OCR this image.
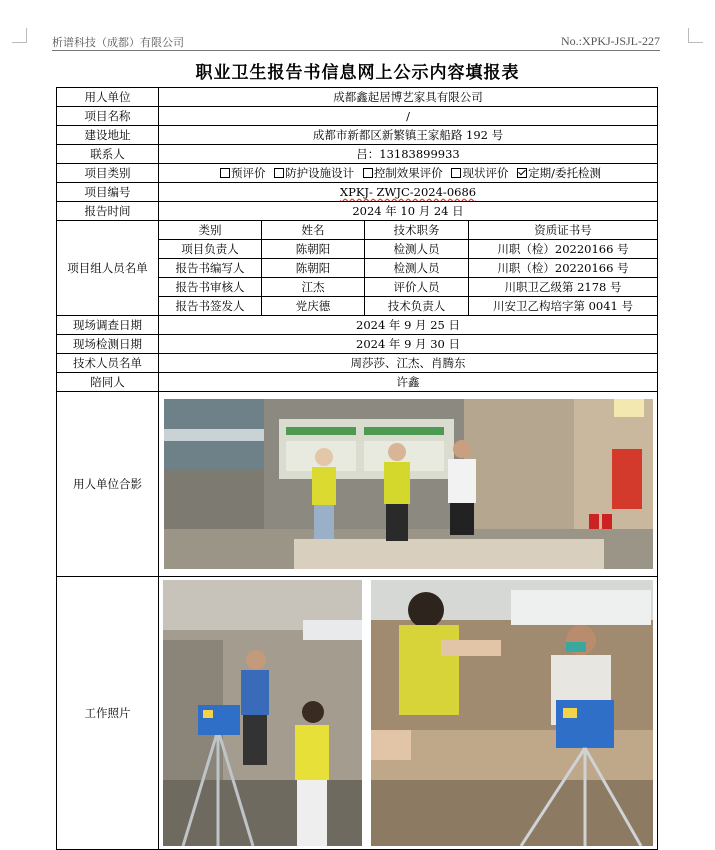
析谱科技（成都）有限公司	No.:XPKJ-JSJL-227
职业卫生报告书信息网上公示内容填报表
用人单位	成都鑫起居博艺家具有限公司			
项目名称	/			
建设地址	成都市新都区新繁镇王家船路 192 号			
联系人	吕：13183899933			
项目类别	预评价 防护设施设计 控制效果评价 现状评价 定期/委托检测			
项目编号	XPKJ- ZWJC-2024-0686			
报告时间	2024 年 10 月 24 日			
项目组人员名单	类别	姓名	技术职务	资质证书号
	项目负责人	陈朝阳	检测人员	川职（检）20220166 号
	报告书编写人	陈朝阳	检测人员	川职（检）20220166 号
	报告书审核人	江杰	评价人员	川职卫乙级第 2178 号
	报告书签发人	党庆德	技术负责人	川安卫乙构培字第 0041 号
现场调查日期	2024 年 9 月 25 日			
现场检测日期	2024 年 9 月 30 日			
技术人员名单	周莎莎、江杰、肖腾东			
陪同人	许鑫			
用人单位合影	

工作照片	
